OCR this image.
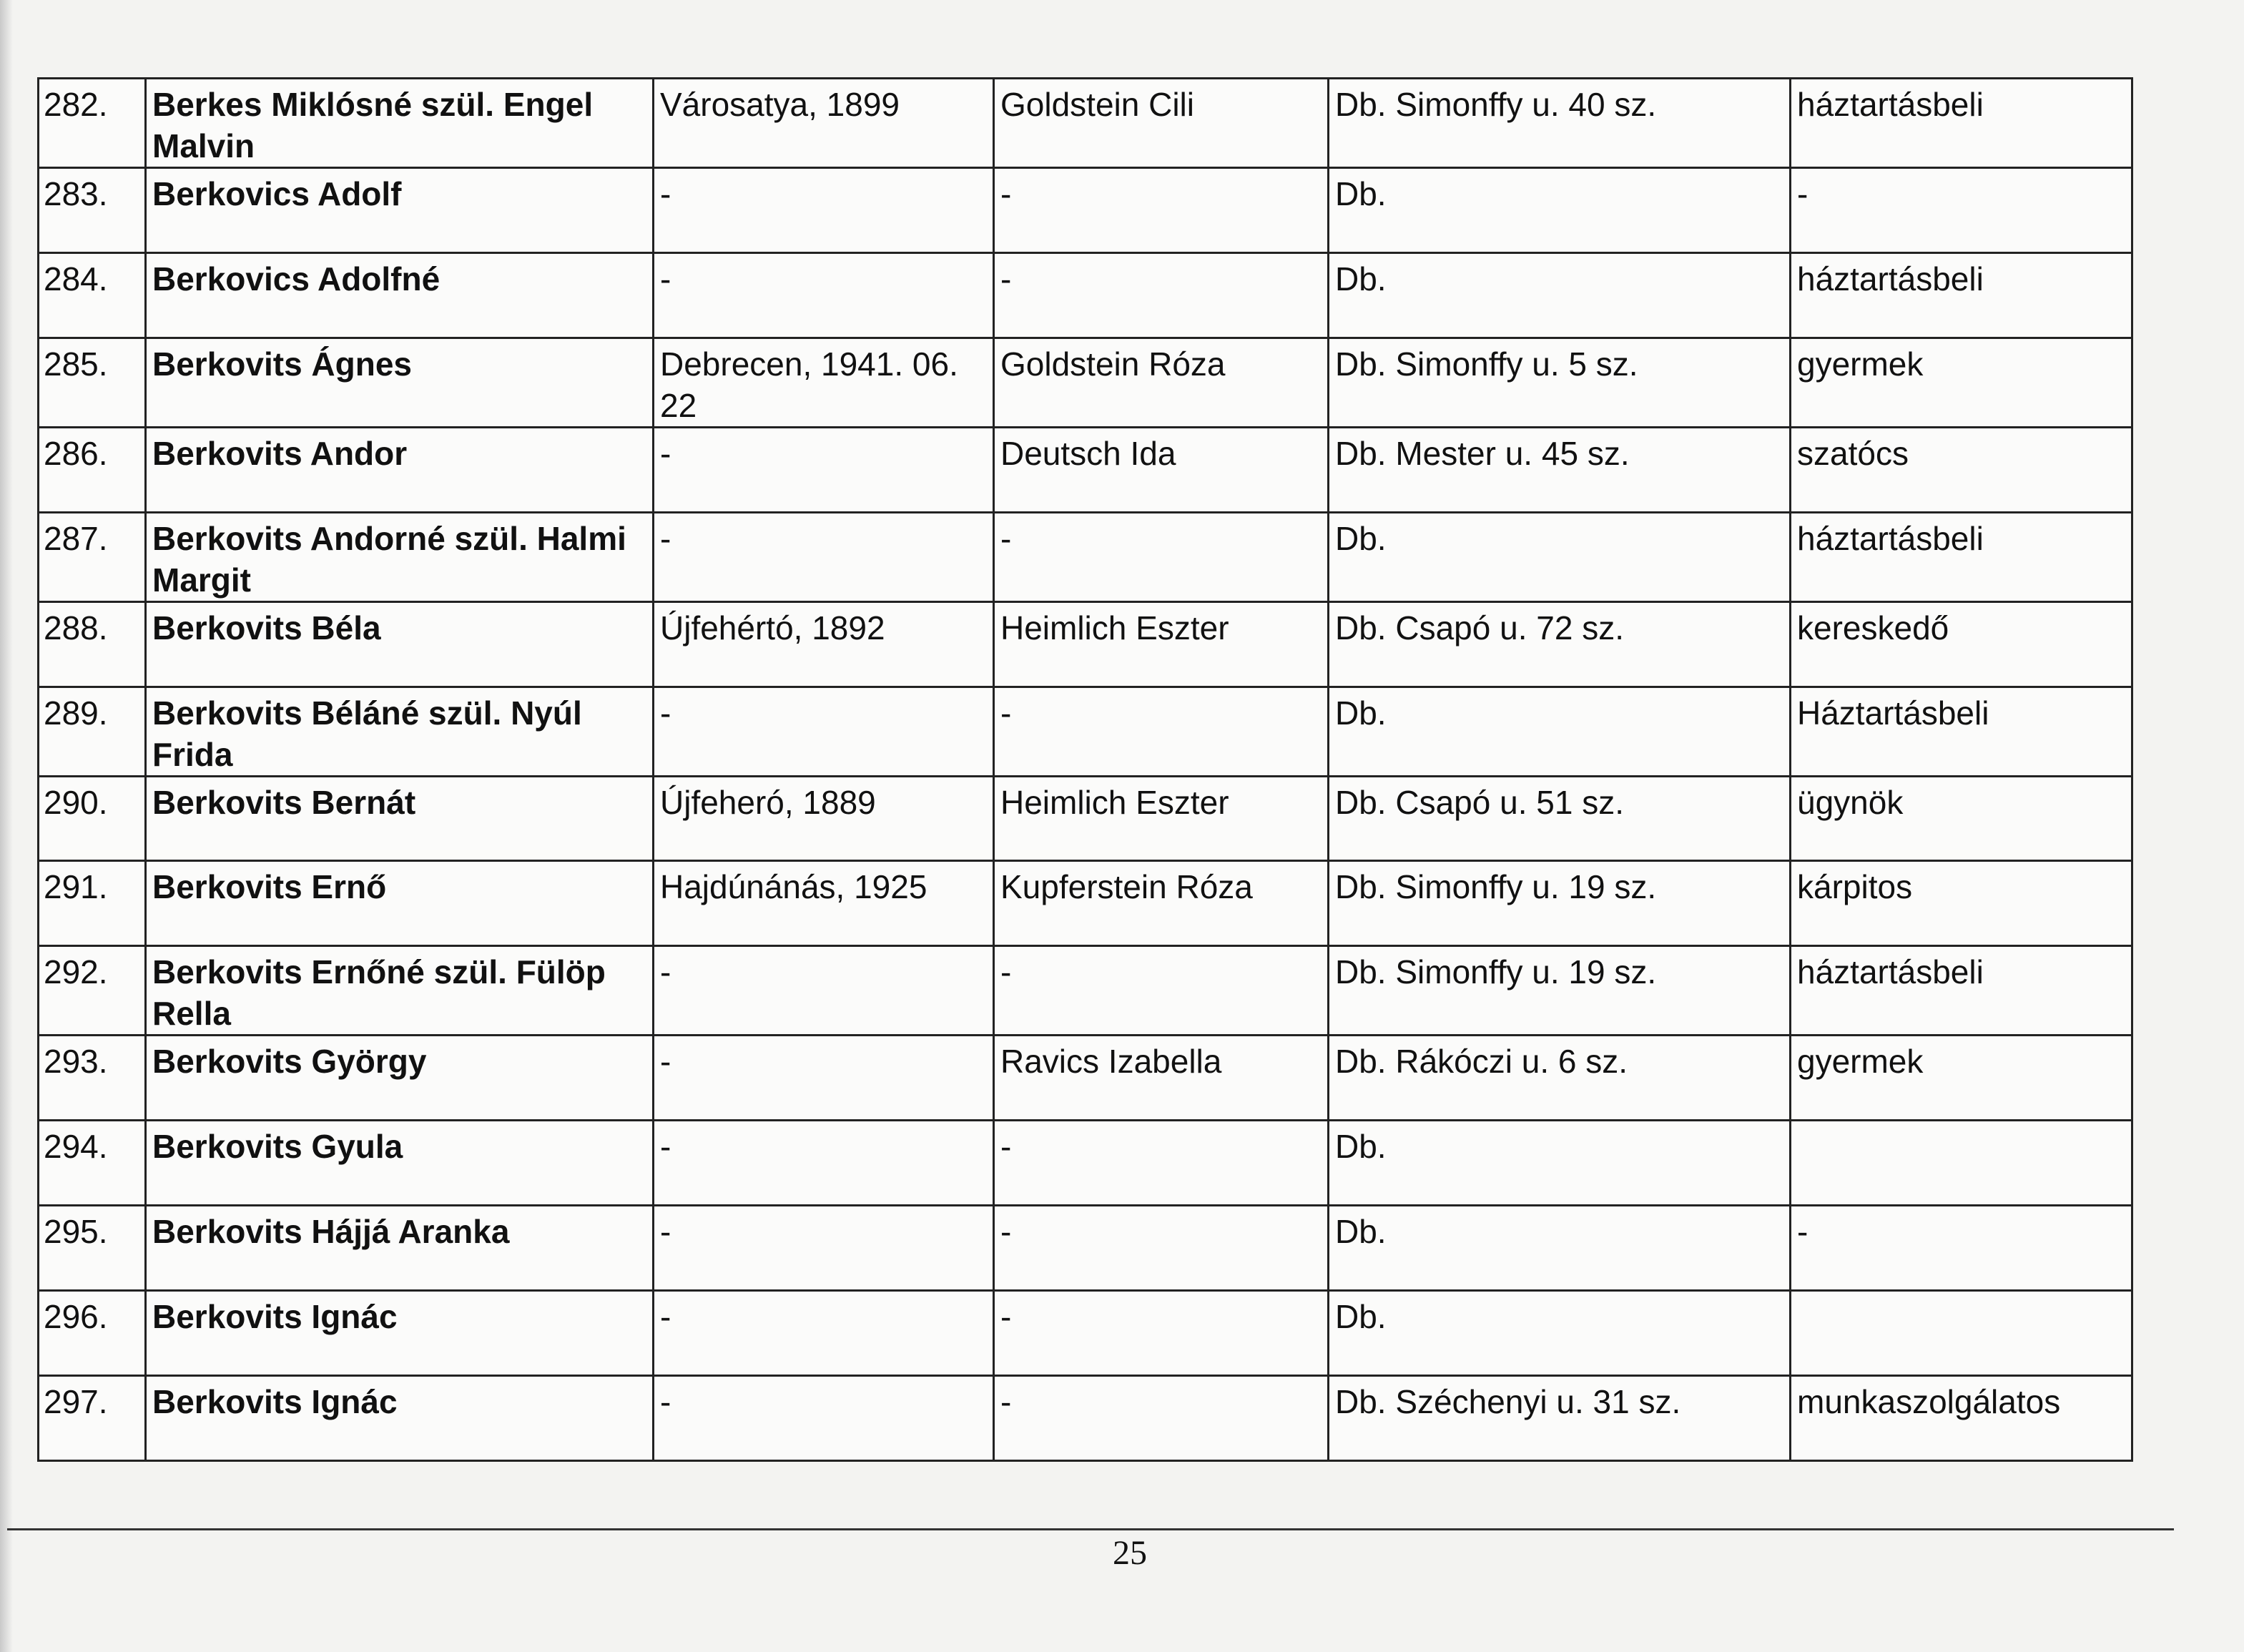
282.	Berkes Miklósné szül. Engel Malvin	Városatya, 1899	Goldstein Cili	Db. Simonffy u. 40 sz.	háztartásbeli
283.	Berkovics Adolf	-	-	Db.	-
284.	Berkovics Adolfné	-	-	Db.	háztartásbeli
285.	Berkovits Ágnes	Debrecen, 1941. 06. 22	Goldstein Róza	Db. Simonffy u. 5 sz.	gyermek
286.	Berkovits Andor	-	Deutsch Ida	Db. Mester u. 45 sz.	szatócs
287.	Berkovits Andorné szül. Halmi Margit	-	-	Db.	háztartásbeli
288.	Berkovits Béla	Újfehértó, 1892	Heimlich Eszter	Db. Csapó u. 72 sz.	kereskedő
289.	Berkovits Béláné szül. Nyúl Frida	-	-	Db.	Háztartásbeli
290.	Berkovits Bernát	Újfeheró, 1889	Heimlich Eszter	Db. Csapó u. 51 sz.	ügynök
291.	Berkovits Ernő	Hajdúnánás, 1925	Kupferstein Róza	Db. Simonffy u. 19 sz.	kárpitos
292.	Berkovits Ernőné szül. Fülöp Rella	-	-	Db. Simonffy u. 19 sz.	háztartásbeli
293.	Berkovits György	-	Ravics Izabella	Db. Rákóczi u. 6 sz.	gyermek
294.	Berkovits Gyula	-	-	Db.	
295.	Berkovits Hájjá Aranka	-	-	Db.	-
296.	Berkovits Ignác	-	-	Db.	
297.	Berkovits Ignác	-	-	Db. Széchenyi u. 31 sz.	munkaszolgálatos
25
